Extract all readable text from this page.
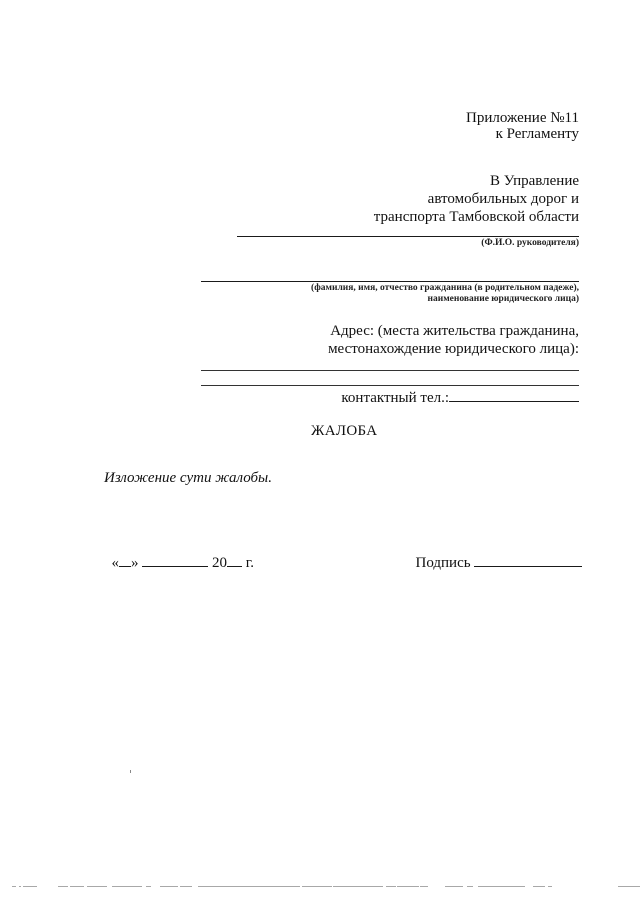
Приложение №11
к Регламенту
В Управление
автомобильных дорог и
транспорта Тамбовской области
(Ф.И.О. руководителя)
(фамилия, имя, отчество гражданина (в родительном падеже),
наименование юридического лица)
Адрес: (места жительства гражданина,
местонахождение юридического лица):
контактный тел.:
ЖАЛОБА
Изложение сути жалобы.

« »	20 г.	Подпись
